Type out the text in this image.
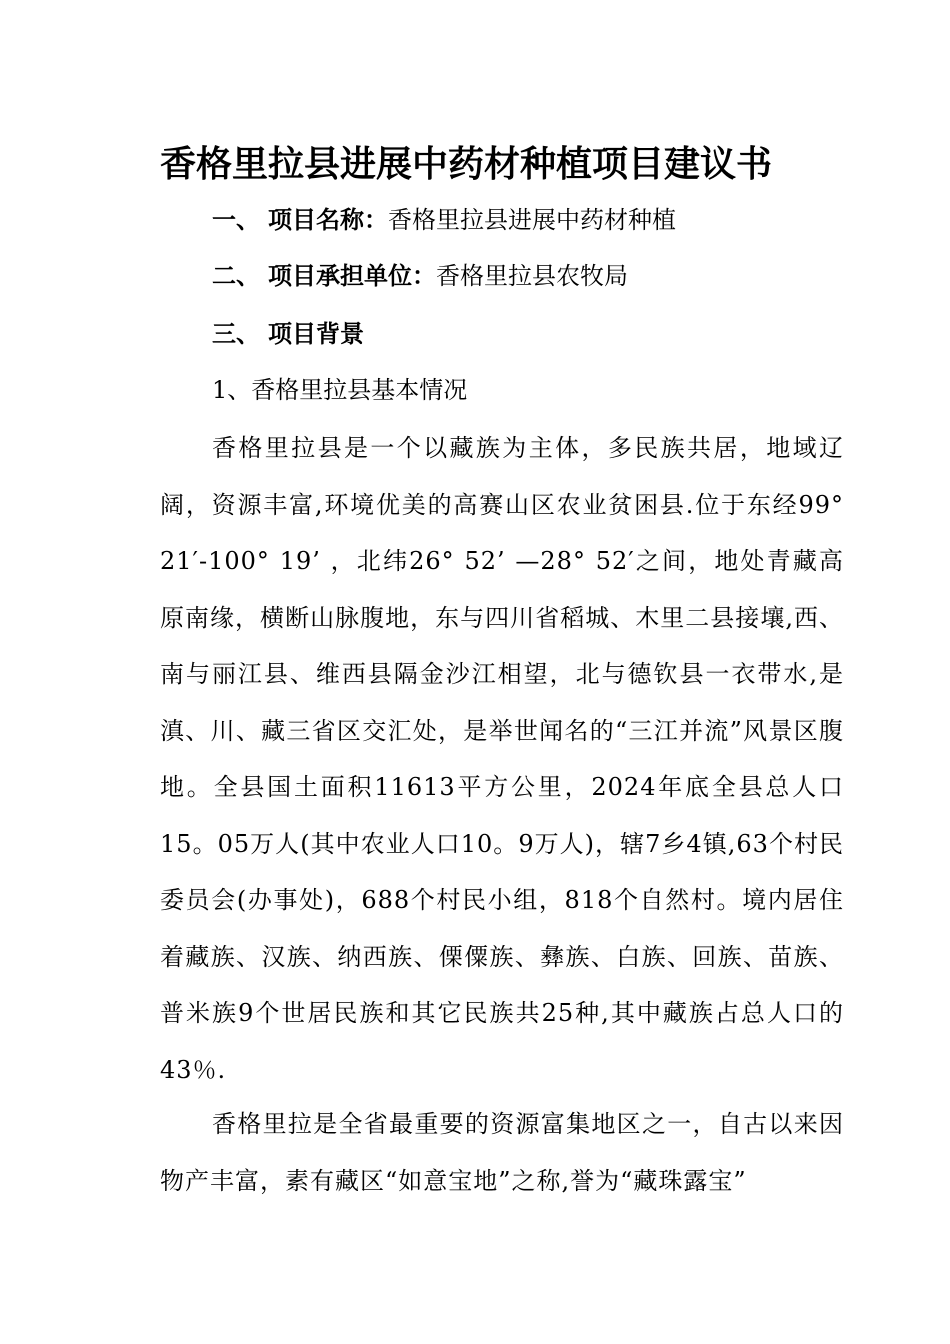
香格里拉县进展中药材种植项目建议书
一、 项目名称：香格里拉县进展中药材种植
二、 项目承担单位：香格里拉县农牧局
三、 项目背景
1、香格里拉县基本情况

香格里拉县是一个以藏族为主体，多民族共居，地域辽阔，资源丰富,环境优美的高赛山区农业贫困县.位于东经99° 21′-100° 19’ ，北纬26° 52’ —28° 52′之间，地处青藏高原南缘，横断山脉腹地，东与四川省稻城、木里二县接壤,西、南与丽江县、维西县隔金沙江相望，北与德钦县一衣带水,是滇、川、藏三省区交汇处，是举世闻名的“三江并流”风景区腹地。全县国土面积11613平方公里，2024年底全县总人口15。05万人(其中农业人口10。9万人)，辖7乡4镇,63个村民委员会(办事处)，688个村民小组，818个自然村。境内居住着藏族、汉族、纳西族、傈僳族、彝族、白族、回族、苗族、普米族9个世居民族和其它民族共25种,其中藏族占总人口的43％.

香格里拉是全省最重要的资源富集地区之一，自古以来因物产丰富，素有藏区“如意宝地”之称,誉为“藏珠露宝”
